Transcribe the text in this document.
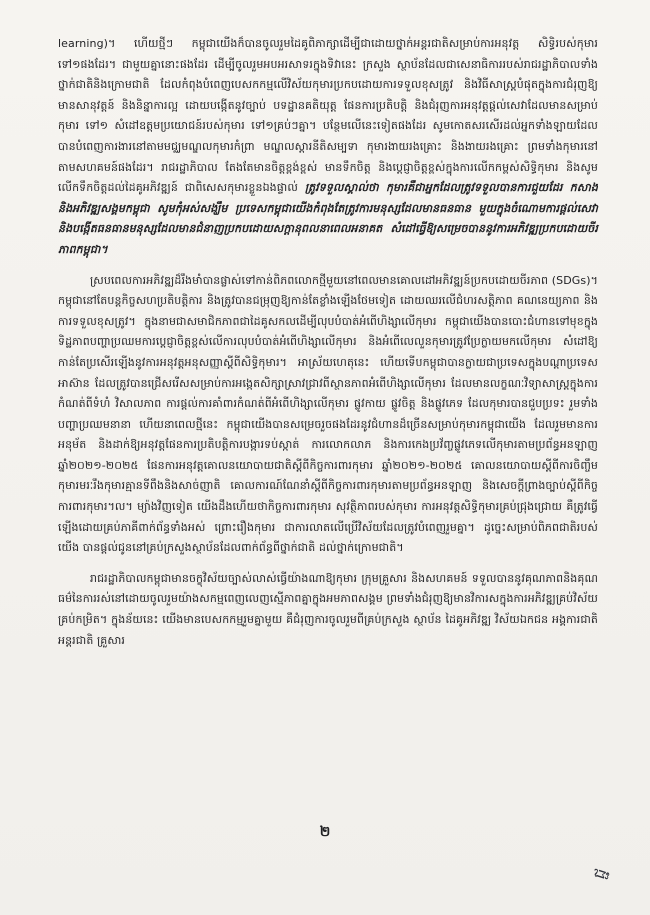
learning)។ ហើយថ្មីៗ កម្ពុជាយើងក៏បានចូលរួមដៃគូពិភាក្សាដើម្បីជាដោយថ្នាក់អន្តរជាតិសម្រាប់ការអនុវត្ត សិទ្ធិរបស់កុមារ ទៅ១ផងដែរ។ ជាមួយគ្នានោះផងដែរ ដើម្បីចូលរួមអបអរសាទរក្នុងទិវានេះ ក្រសួង ស្ថាប័នដែលជាសេនាធិការរបស់រាជរដ្ឋាភិបាលទាំងថ្នាក់ជាតិនិងក្រោមជាតិ ដែលកំពុងបំពេញបេសកកម្មលើវិស័យកុមារប្រកបដោយការទទួលខុសត្រូវ និងវិធីសាស្ត្របំផុតក្នុងការជំរុញឱ្យមានសានុវត្តន៍ និងនិន្នាការល្អ ដោយបង្កើតនូវច្បាប់ បទដ្ឋានគតិយុត្ត ផែនការប្រតិបត្តិ និងជំរុញការអនុវត្តផ្តល់សេវាដែលមានសម្រាប់កុមារ ទៅ១ សំដៅឧត្តមប្រយោជន៍របស់កុមារ ទៅ១គ្រប់ៗគ្នា។ បន្ថែមលើនេះទៀតផងដែរ សូមកោតសរសើរដល់អ្នកទាំងឡាយដែលបានបំពេញការងារនៅតាមមជ្ឈមណ្ឌលកុមារកំព្រា មណ្ឌលស្តារនីតិសម្បទា កុមារងាយរងគ្រោះ និងងាយរងគ្រោះ ព្រមទាំងកុមារនៅតាមសហគមន៍ផងដែរ។ រាជរដ្ឋាភិបាល តែងតែមានចិត្តខ្ពង់ខ្ពស់ មានទឹកចិត្ត និងប្តេជ្ញាចិត្តខ្ពស់ក្នុងការលើកកម្ពស់សិទ្ធិកុមារ និងសូមលើកទឹកចិត្តដល់ដៃគូអភិវឌ្ឍន៍ ជាពិសេសកុមារខ្លួនឯងផ្ទាល់ ត្រូវទទួលស្គាល់ថា កុមារគឺជាអ្នកដែលត្រូវទទួលបានការជួយដែរ កសាង និងអភិវឌ្ឍសង្គមកម្ពុជា សូមកុំអស់សង្ឃឹម ប្រទេសកម្ពុជាយើងកំពុងតែត្រូវការមនុស្សដែលមានធនធាន មួយក្នុងចំណោមការផ្តល់សេវា និងបង្កើតធនធានមនុស្សដែលមានជំនាញប្រកបដោយសក្តានុពលនាពេលអនាគត សំដៅធ្វើឱ្យសម្រេចបាននូវការអភិវឌ្ឍប្រកបដោយចីរភាពកម្ពុជា។

ស្របពេលការអភិវឌ្ឍដ៏រឹងមាំបានផ្លាស់ទៅកាន់ពិភពលោកថ្មីមួយនៅពេលមានគោលដៅអភិវឌ្ឍន៍ប្រកបដោយចីរភាព (SDGs)។ កម្ពុជានៅតែបន្តកិច្ចសហប្រតិបត្តិការ និងត្រូវបានជម្រុញឱ្យកាន់តែខ្លាំងឡើងថែមទៀត ដោយឈរលើជំហរសត្តិភាព គណនេយ្យភាព និងការទទួលខុសត្រូវ។ ក្នុងនាមជាសមាជិកភាពជាដៃគូសកលដើម្បីលុបបំបាត់អំពើហិង្សាលើកុមារ កម្ពុជាយើងបានបោះជំហានទៅមុខក្នុងទិដ្ឋភាពបញ្ហាប្រឈមការប្តេជ្ញាចិត្តខ្ពស់លើការលុបបំបាត់អំពើហិង្សាលើកុមារ និងអំពើលេលួនកុមារត្រូវប្រែក្លាយមកលើកុមារ សំដៅឱ្យកាន់តែប្រសើរឡើងនូវការអនុវត្តអនុសញ្ញាស្តីពីសិទ្ធិកុមារ។ អាស្រ័យហេតុនេះ ហើយទើបកម្ពុជាបានក្លាយជាប្រទេសក្នុងបណ្តាប្រទេសអាស៊ាន ដែលត្រូវបានជ្រើសរើសសម្រាប់ការអង្កេតសិក្សាស្រាវជ្រាវពីស្ថានភាពអំពើហិង្សាលើកុមារ ដែលមានលក្ខណៈវិទ្យាសាស្ត្រក្នុងការកំណត់ពីទំហំ វិសាលភាព ការផ្តល់ការគាំពារកំណត់ពីអំពើហិង្សាលើកុមារ ផ្លូវកាយ ផ្លូវចិត្ត និងផ្លូវភេទ ដែលកុមារបានជួបប្រទះ រួមទាំងបញ្ហាប្រឈមនានា ហើយនាពេលថ្មីនេះ កម្ពុជាយើងបានសម្រេចរួចផងដែរនូវជំហានដ៏ច្រើនសម្រាប់កុមារកម្ពុជាយើង ដែលរួមមានការអនុម័ត និងដាក់ឱ្យអនុវត្តផែនការប្រតិបត្តិការបង្ការទប់ស្កាត់ ការលោកលាភ និងការកេងប្រវ័ញ្ចផ្លូវភេទលើកុមារតាមប្រព័ន្ធអនឡាញ ឆ្នាំ២០២១-២០២៥ ផែនការអនុវត្តគោលនយោបាយជាតិស្តីពីកិច្ចការពារកុមារ ឆ្នាំ២០២១-២០២៥ គោលនយោបាយស្តីពីការចិញ្ចឹមកុមារមរៈរឹងកុមារគ្មានទីពឹងនិងសាច់ញាតិ គោលការណ៍ណែនាំស្តីពីកិច្ចការពារកុមារតាមប្រព័ន្ធអនឡាញ និងសេចក្តីព្រាងច្បាប់ស្តីពីកិច្ចការពារកុមារ។ល។ ម្យ៉ាងវិញទៀត យើងដឹងហើយថាកិច្ចការពារកុមារ សុវត្ថិភាពរបស់កុមារ ការអនុវត្តសិទ្ធិកុមារគ្រប់ជ្រុងជ្រោយ គឺត្រូវធ្វើឡើងដោយគ្រប់ភាគីពាក់ព័ន្ធទាំងអស់ ព្រោះរឿងកុមារ ជាការលាតលើប្រើវិស័យដែលត្រូវបំពេញរួមគ្នា។ ដូច្នេះសម្រាប់ពិភពជាតិរបស់យើង បានផ្តល់ជូននៅគ្រប់ក្រសួងស្ថាប័នដែលពាក់ព័ន្ធពីថ្នាក់ជាតិ ដល់ថ្នាក់ក្រោមជាតិ។

រាជរដ្ឋាភិបាលកម្ពុជាមានចក្ខុវិស័យច្បាស់លាស់ធ្វើយ៉ាងណាឱ្យកុមារ ក្រុមគ្រួសារ និងសហគមន៍ ទទួលបាននូវគុណភាពនិងគុណធម៌នៃការរស់នៅដោយចូលរួមយ៉ាងសកម្មពេញលេញស្មើភាពគ្នាក្នុងអមភាពសង្គម ព្រមទាំងជំរុញឱ្យមានវិការសក្នុងការអភិវឌ្ឍគ្រប់វិស័យ គ្រប់កម្រិត។ ក្នុងន័យនេះ យើងមានបេសកកម្មរួមគ្នាមួយ គឺជំរុញការចូលរួមពីគ្រប់ក្រសួង ស្ថាប័ន ដៃគូអភិវឌ្ឍ វិស័យឯកជន អង្គការជាតិ អន្តរជាតិ គ្រួសារ

២
ជ្ជ
